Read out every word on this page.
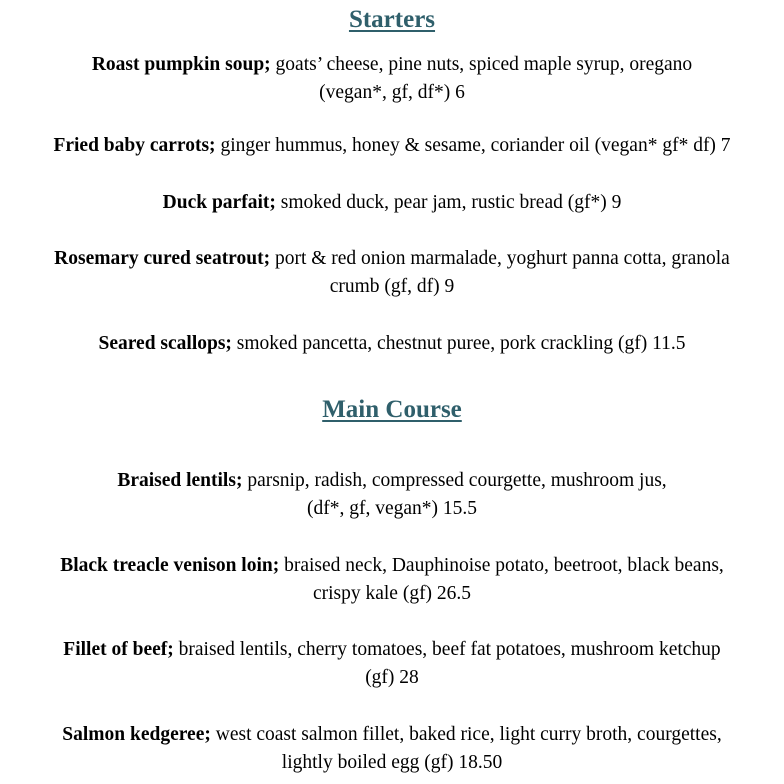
Starters

Roast pumpkin soup; goats’ cheese, pine nuts, spiced maple syrup, oregano
(vegan*, gf, df*) 6

Fried baby carrots; ginger hummus, honey & sesame, coriander oil (vegan* gf* df) 7

Duck parfait; smoked duck, pear jam, rustic bread (gf*) 9

Rosemary cured seatrout; port & red onion marmalade, yoghurt panna cotta, granola
crumb (gf, df) 9

Seared scallops; smoked pancetta, chestnut puree, pork crackling (gf) 11.5

Main Course

Braised lentils; parsnip, radish, compressed courgette, mushroom jus,
(df*, gf, vegan*) 15.5

Black treacle venison loin; braised neck, Dauphinoise potato, beetroot, black beans,
crispy kale (gf) 26.5

Fillet of beef; braised lentils, cherry tomatoes, beef fat potatoes, mushroom ketchup
(gf) 28

Salmon kedgeree; west coast salmon fillet, baked rice, light curry broth, courgettes,
lightly boiled egg (gf) 18.50
